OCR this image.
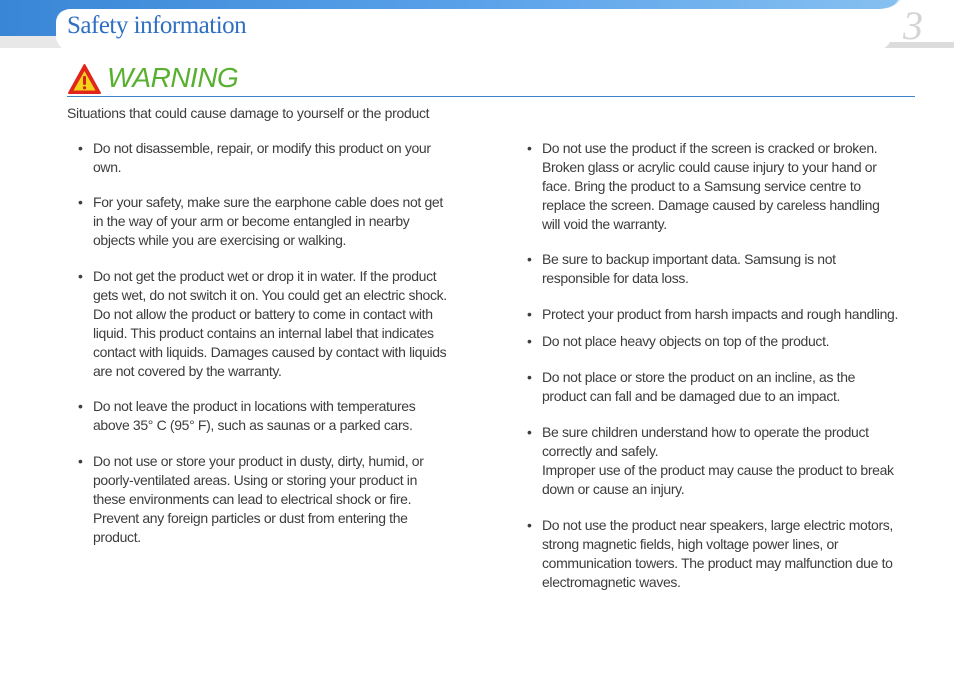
Safety information	3
WARNING
Situations that could cause damage to yourself or the product
• Do not disassemble, repair, or modify this product on your own.
• For your safety, make sure the earphone cable does not get in the way of your arm or become entangled in nearby objects while you are exercising or walking.
• Do not get the product wet or drop it in water. If the product gets wet, do not switch it on. You could get an electric shock.
Do not allow the product or battery to come in contact with liquid. This product contains an internal label that indicates contact with liquids. Damages caused by contact with liquids are not covered by the warranty.
• Do not leave the product in locations with temperatures above 35° C (95° F), such as saunas or a parked cars.
• Do not use or store your product in dusty, dirty, humid, or poorly-ventilated areas. Using or storing your product in these environments can lead to electrical shock or fire. Prevent any foreign particles or dust from entering the product.
• Do not use the product if the screen is cracked or broken. Broken glass or acrylic could cause injury to your hand or face. Bring the product to a Samsung service centre to replace the screen. Damage caused by careless handling will void the warranty.
• Be sure to backup important data. Samsung is not responsible for data loss.
• Protect your product from harsh impacts and rough handling.
• Do not place heavy objects on top of the product.
• Do not place or store the product on an incline, as the product can fall and be damaged due to an impact.
• Be sure children understand how to operate the product correctly and safely.
Improper use of the product may cause the product to break down or cause an injury.
• Do not use the product near speakers, large electric motors, strong magnetic fields, high voltage power lines, or communication towers. The product may malfunction due to electromagnetic waves.
